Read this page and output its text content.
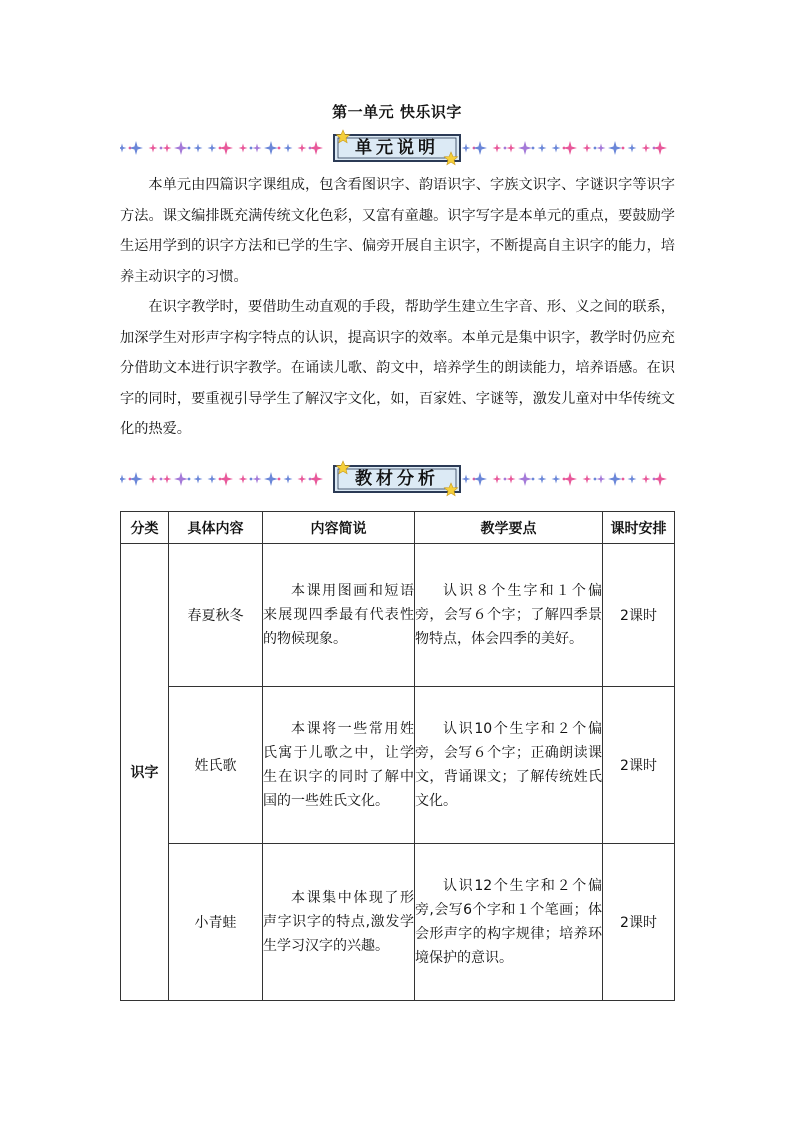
第一单元 快乐识字
单元说明

本单元由四篇识字课组成，包含看图识字、韵语识字、字族文识字、字谜识字等识字方法。课文编排既充满传统文化色彩，又富有童趣。识字写字是本单元的重点，要鼓励学生运用学到的识字方法和已学的生字、偏旁开展自主识字，不断提高自主识字的能力，培养主动识字的习惯。

在识字教学时，要借助生动直观的手段，帮助学生建立生字音、形、义之间的联系，加深学生对形声字构字特点的认识，提高识字的效率。本单元是集中识字，教学时仍应充分借助文本进行识字教学。在诵读儿歌、韵文中，培养学生的朗读能力，培养语感。在识字的同时，要重视引导学生了解汉字文化，如，百家姓、字谜等，激发儿童对中华传统文化的热爱。

教材分析
分类	具体内容	内容简说	教学要点	课时安排
识字	春夏秋冬	本课用图画和短语来展现四季最有代表性的物候现象。	认识８个生字和１个偏旁，会写６个字；了解四季景物特点，体会四季的美好。	2课时
	姓氏歌	本课将一些常用姓氏寓于儿歌之中，让学生在识字的同时了解中国的一些姓氏文化。	认识10个生字和２个偏旁，会写６个字；正确朗读课文，背诵课文；了解传统姓氏文化。	2课时
	小青蛙	本课集中体现了形声字识字的特点,激发学生学习汉字的兴趣。	认识12个生字和２个偏旁,会写6个字和１个笔画；体会形声字的构字规律；培养环境保护的意识。	2课时
